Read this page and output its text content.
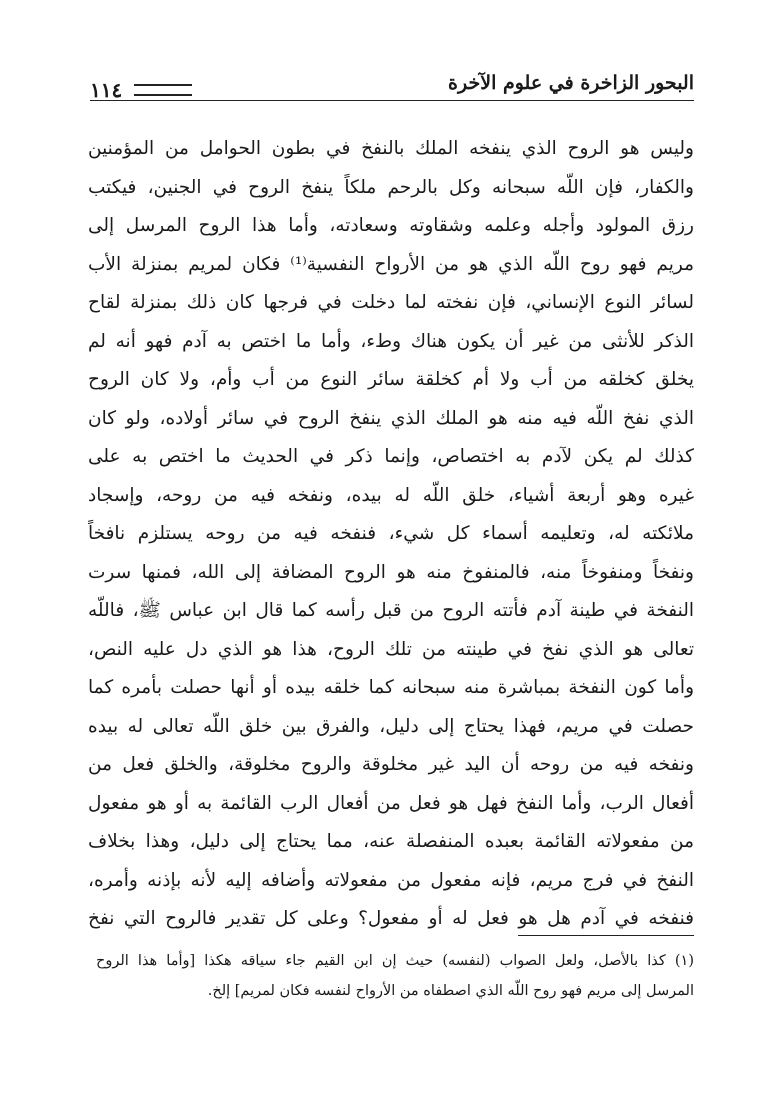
البحور الزاخرة في علوم الآخرة
١١٤
وليس هو الروح الذي ينفخه الملك بالنفخ في بطون الحوامل من المؤمنين
والكفار، فإن اللّه سبحانه وكل بالرحم ملكاً ينفخ الروح في الجنين، فيكتب
رزق المولود وأجله وعلمه وشقاوته وسعادته، وأما هذا الروح المرسل إلى
مريم فهو روح اللّه الذي هو من الأرواح النفسية⁽¹⁾ فكان لمريم بمنزلة الأب
لسائر النوع الإنساني، فإن نفخته لما دخلت في فرجها كان ذلك بمنزلة لقاح
الذكر للأنثى من غير أن يكون هناك وطء، وأما ما اختص به آدم فهو أنه لم
يخلق كخلقه من أب ولا أم كخلقة سائر النوع من أب وأم، ولا كان الروح
الذي نفخ اللّه فيه منه هو الملك الذي ينفخ الروح في سائر أولاده، ولو كان
كذلك لم يكن لآدم به اختصاص، وإنما ذكر في الحديث ما اختص به على
غيره وهو أربعة أشياء، خلق اللّه له بيده، ونفخه فيه من روحه، وإسجاد
ملائكته له، وتعليمه أسماء كل شيء، فنفخه فيه من روحه يستلزم نافخاً
ونفخاً ومنفوخاً منه، فالمنفوخ منه هو الروح المضافة إلى الله، فمنها سرت
النفخة في طينة آدم فأتته الروح من قبل رأسه كما قال ابن عباس ﷺ، فاللّه
تعالى هو الذي نفخ في طينته من تلك الروح، هذا هو الذي دل عليه النص،
وأما كون النفخة بمباشرة منه سبحانه كما خلقه بيده أو أنها حصلت بأمره كما
حصلت في مريم، فهذا يحتاج إلى دليل، والفرق بين خلق اللّه تعالى له بيده
ونفخه فيه من روحه أن اليد غير مخلوقة والروح مخلوقة، والخلق فعل من
أفعال الرب، وأما النفخ فهل هو فعل من أفعال الرب القائمة به أو هو مفعول
من مفعولاته القائمة بعبده المنفصلة عنه، مما يحتاج إلى دليل، وهذا بخلاف
النفخ في فرج مريم، فإنه مفعول من مفعولاته وأضافه إليه لأنه بإذنه وأمره،
فنفخه في آدم هل هو فعل له أو مفعول؟ وعلى كل تقدير فالروح التي نفخ
(١) كذا بالأصل، ولعل الصواب (لنفسه) حيث إن ابن القيم جاء سياقه هكذا [وأما هذا الروح
المرسل إلى مريم فهو روح اللّه الذي اصطفاه من الأرواح لنفسه فكان لمريم] إلخ.
